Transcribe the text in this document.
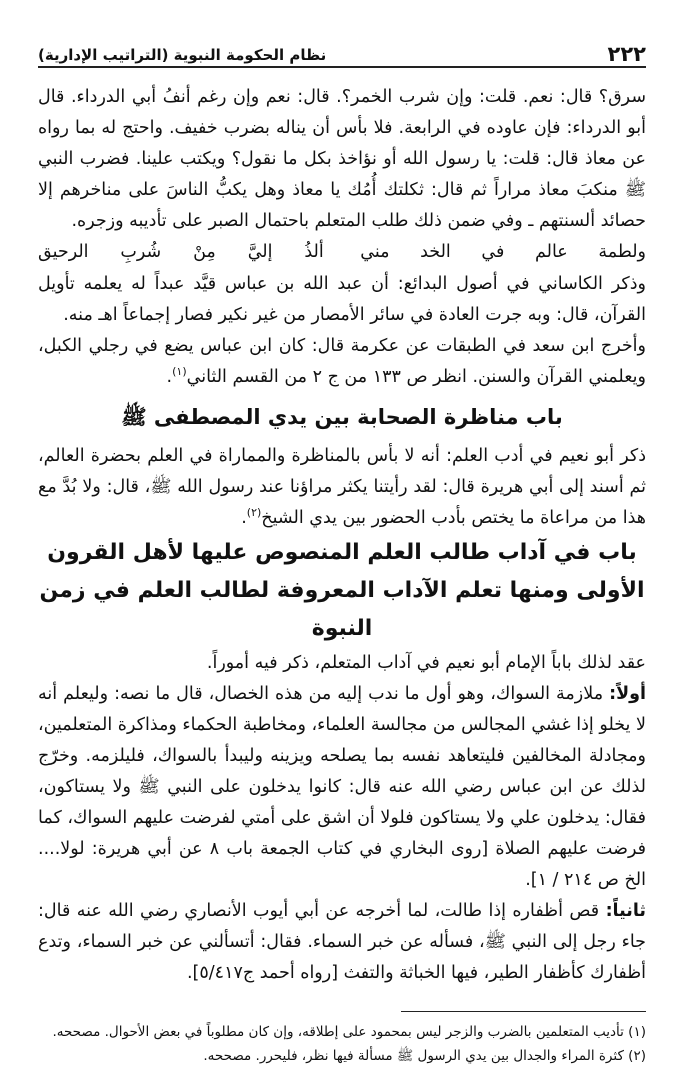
٢٢٢
نظام الحكومة النبوية (التراتيب الإدارية)

سرق؟ قال: نعم. قلت: وإن شرب الخمر؟. قال: نعم وإن رغم أنفُ أبي الدرداء. قال أبو الدرداء: فإن عاوده في الرابعة. فلا بأس أن يناله بضرب خفيف. واحتج له بما رواه عن معاذ قال: قلت: يا رسول الله أو نؤاخذ بكل ما نقول؟ ويكتب علينا. فضرب النبي ﷺ منكبَ معاذ مراراً ثم قال: ثكلتك أُمُك يا معاذ وهل يكبُّ الناسَ على مناخرهم إلا حصائد ألسنتهم ـ وفي ضمن ذلك طلب المتعلم باحتمال الصبر على تأديبه وزجره.

ولطمة عالم في الخد مني
ألذُ إليَّ مِنْ شُربِ الرحيق

وذكر الكاساني في أصول البدائع: أن عبد الله بن عباس قيَّد عبداً له يعلمه تأويل القرآن، قال: وبه جرت العادة في سائر الأمصار من غير نكير فصار إجماعاً اهـ منه.

وأخرج ابن سعد في الطبقات عن عكرمة قال: كان ابن عباس يضع في رجلي الكبل، ويعلمني القرآن والسنن. انظر ص ١٣٣ من ج ٢ من القسم الثاني$^{(١)}$.

باب مناظرة الصحابة بين يدي المصطفى ﷺ

ذكر أبو نعيم في أدب العلم: أنه لا بأس بالمناظرة والمماراة في العلم بحضرة العالم، ثم أسند إلى أبي هريرة قال: لقد رأيتنا يكثر مراؤنا عند رسول الله ﷺ، قال: ولا بُدَّ مع هذا من مراعاة ما يختص بأدب الحضور بين يدي الشيخ$^{(٢)}$.

باب في آداب طالب العلم المنصوص عليها لأهل القرون
الأولى ومنها تعلم الآداب المعروفة لطالب العلم في زمن النبوة

عقد لذلك باباً الإمام أبو نعيم في آداب المتعلم، ذكر فيه أموراً.

أولاً: ملازمة السواك، وهو أول ما ندب إليه من هذه الخصال، قال ما نصه: وليعلم أنه لا يخلو إذا غشي المجالس من مجالسة العلماء، ومخاطبة الحكماء ومذاكرة المتعلمين، ومجادلة المخالفين فليتعاهد نفسه بما يصلحه ويزينه وليبدأ بالسواك، فليلزمه. وخرّج لذلك عن ابن عباس رضي الله عنه قال: كانوا يدخلون على النبي ﷺ ولا يستاكون، فقال: يدخلون علي ولا يستاكون فلولا أن اشق على أمتي لفرضت عليهم السواك، كما فرضت عليهم الصلاة [روى البخاري في كتاب الجمعة باب ٨ عن أبي هريرة: لولا.... الخ ص ٢١٤ / ١].

ثانياً: قص أظفاره إذا طالت، لما أخرجه عن أبي أيوب الأنصاري رضي الله عنه قال: جاء رجل إلى النبي ﷺ، فسأله عن خبر السماء. فقال: أتسألني عن خبر السماء، وتدع أظفارك كأظفار الطير، فيها الخباثة والتفث [رواه أحمد ج٥/٤١٧].

(١) تأديب المتعلمين بالضرب والزجر ليس بمحمود على إطلاقه، وإن كان مطلوباً في بعض الأحوال. مصححه.

(٢) كثرة المراء والجدال بين يدي الرسول ﷺ مسألة فيها نظر، فليحرر. مصححه.
